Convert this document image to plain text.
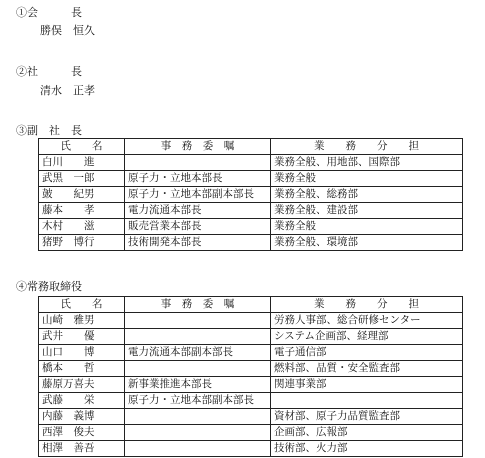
①会　　　長
勝俣　恒久
②社　　　長
清水　正孝
③副　社　長
氏　　名	事　務　委　嘱	業　　務　　分　　担
白川　　進		業務全般、用地部、国際部
武黒　一郎	原子力・立地本部長	業務全般
皷　　紀男	原子力・立地本部副本部長	業務全般、総務部
藤本　　孝	電力流通本部長	業務全般、建設部
木村　　滋	販売営業本部長	業務全般
猪野　博行	技術開発本部長	業務全般、環境部
④常務取締役
氏　　名	事　務　委　嘱	業　　務　　分　　担
山崎　雅男		労務人事部、総合研修センター
武井　　優		システム企画部、経理部
山口　　博	電力流通本部副本部長	電子通信部
橋本　　哲		燃料部、品質・安全監査部
藤原万喜夫	新事業推進本部長	関連事業部
武藤　　栄	原子力・立地本部副本部長	
内藤　義博		資材部、原子力品質監査部
西澤　俊夫		企画部、広報部
相澤　善吾		技術部、火力部
